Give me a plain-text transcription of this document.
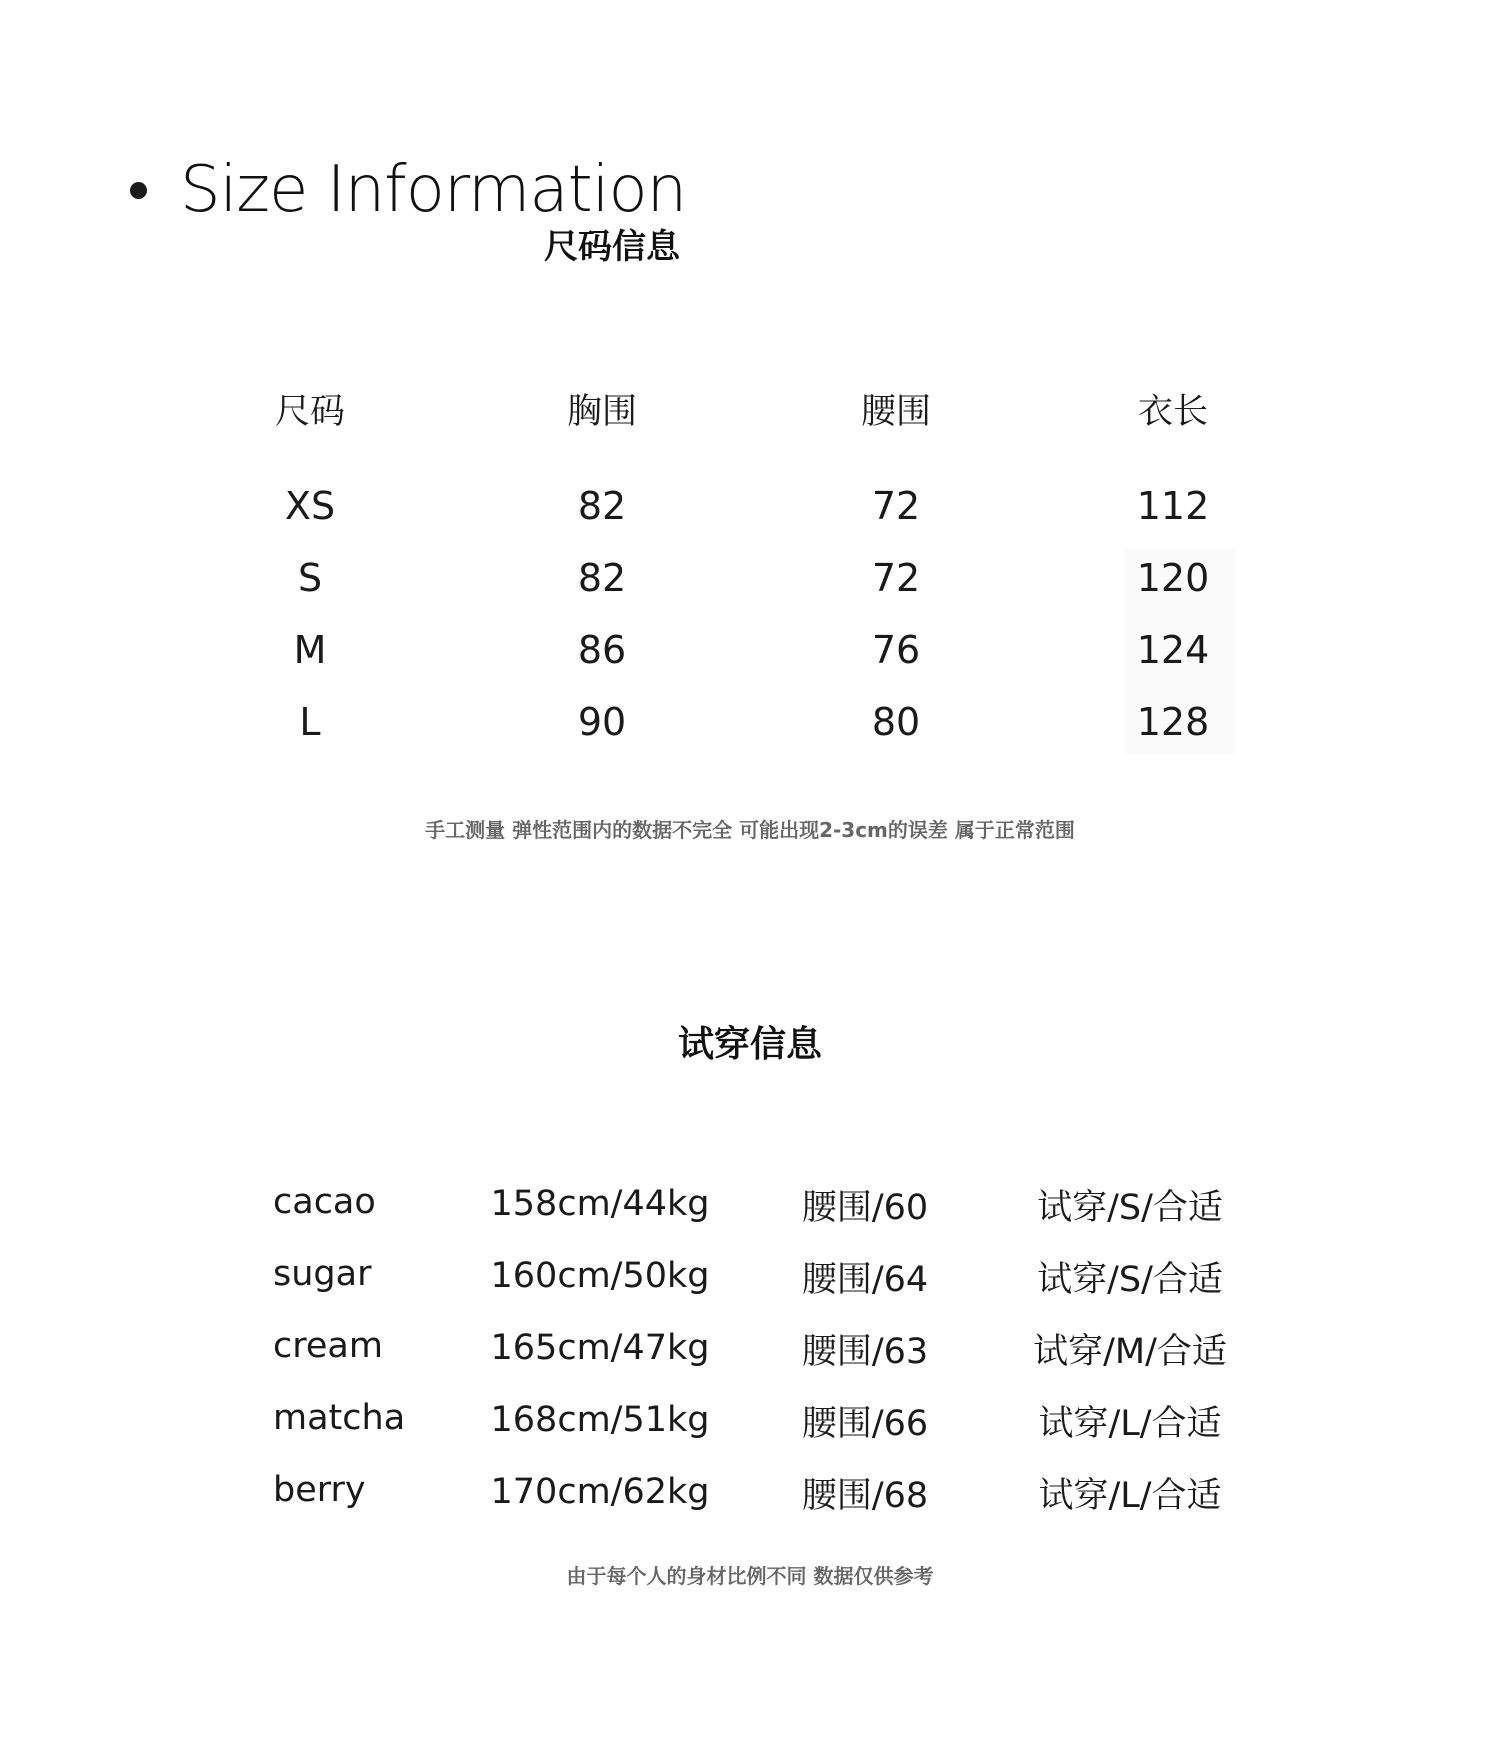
Size Information
尺码信息
尺码	胸围	腰围	衣长
XS	82	72	112
S	82	72	120
M	86	76	124
L	90	80	128
手工测量 弹性范围内的数据不完全 可能出现2-3cm的误差 属于正常范围
试穿信息
cacao	158cm/44kg	腰围/60	试穿/S/合适
sugar	160cm/50kg	腰围/64	试穿/S/合适
cream	165cm/47kg	腰围/63	试穿/M/合适
matcha	168cm/51kg	腰围/66	试穿/L/合适
berry	170cm/62kg	腰围/68	试穿/L/合适
由于每个人的身材比例不同 数据仅供参考
